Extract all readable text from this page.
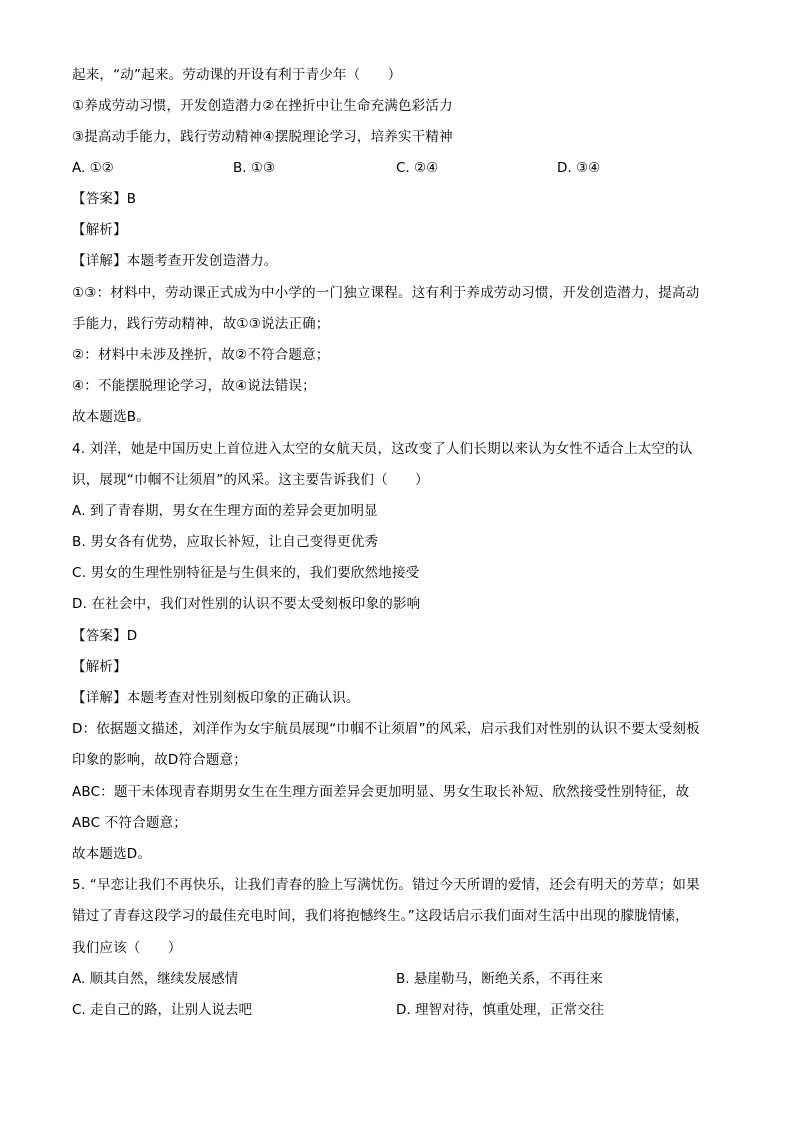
起来，“动”起来。劳动课的开设有利于青少年（　　）
①养成劳动习惯，开发创造潜力②在挫折中让生命充满色彩活力
③提高动手能力，践行劳动精神④摆脱理论学习，培养实干精神
A. ①②	B. ①③	C. ②④	D. ③④
【答案】B
【解析】
【详解】本题考查开发创造潜力。
①③：材料中，劳动课正式成为中小学的一门独立课程。这有利于养成劳动习惯，开发创造潜力，提高动
手能力，践行劳动精神，故①③说法正确；
②：材料中未涉及挫折，故②不符合题意；
④：不能摆脱理论学习，故④说法错误；
故本题选B。
4. 刘洋，她是中国历史上首位进入太空的女航天员，这改变了人们长期以来认为女性不适合上太空的认
识，展现“巾帼不让须眉”的风采。这主要告诉我们（　　）
A. 到了青春期，男女在生理方面的差异会更加明显
B. 男女各有优势，应取长补短，让自己变得更优秀
C. 男女的生理性别特征是与生俱来的，我们要欣然地接受
D. 在社会中，我们对性别的认识不要太受刻板印象的影响
【答案】D
【解析】
【详解】本题考查对性别刻板印象的正确认识。
D：依据题文描述，刘洋作为女宇航员展现“巾帼不让须眉”的风采，启示我们对性别的认识不要太受刻板
印象的影响，故D符合题意；
ABC：题干未体现青春期男女生在生理方面差异会更加明显、男女生取长补短、欣然接受性别特征，故
ABC 不符合题意；
故本题选D。
5. “早恋让我们不再快乐，让我们青春的脸上写满忧伤。错过今天所谓的爱情，还会有明天的芳草；如果
错过了青春这段学习的最佳充电时间，我们将抱憾终生。”这段话启示我们面对生活中出现的朦胧情愫，
我们应该（　　）
A. 顺其自然，继续发展感情	B. 悬崖勒马，断绝关系，不再往来
C. 走自己的路，让别人说去吧	D. 理智对待，慎重处理，正常交往
